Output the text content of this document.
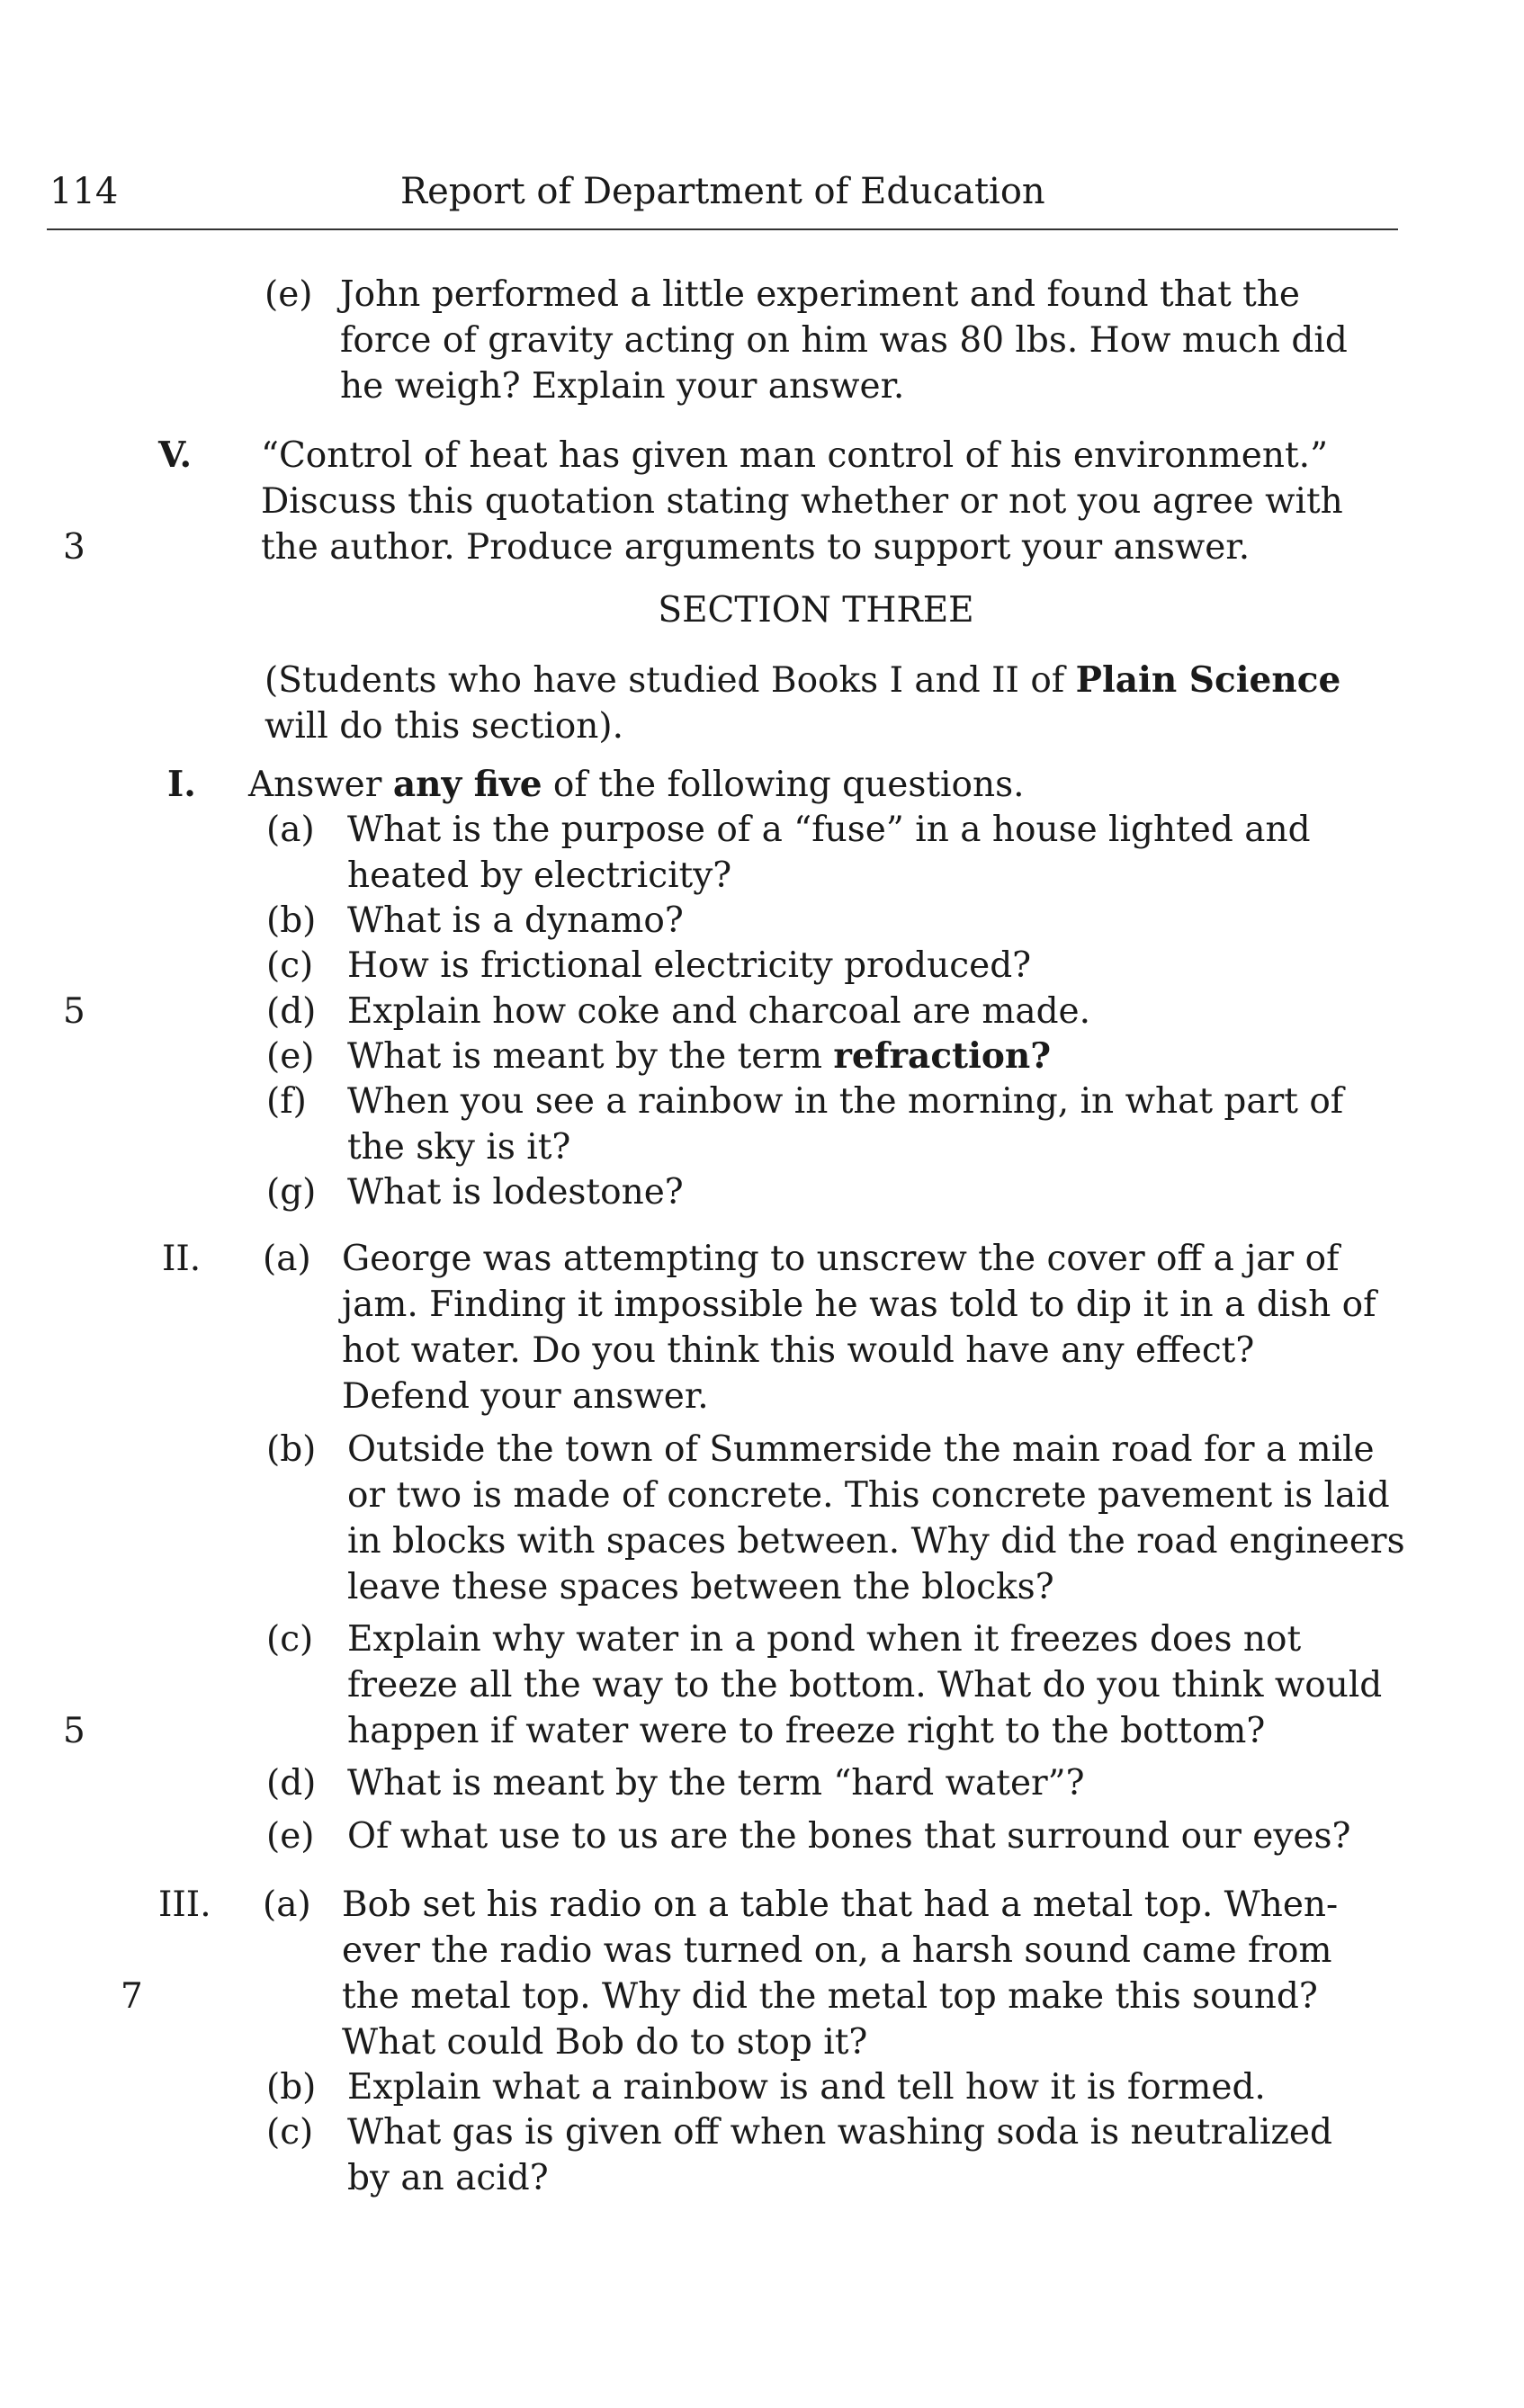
114	Report of Department of Education
(e) John performed a little experiment and found that the
force of gravity acting on him was 80 lbs. How much did
he weigh? Explain your answer.
V. “Control of heat has given man control of his environment.”
Discuss this quotation stating whether or not you agree with
3	the author. Produce arguments to support your answer.
SECTION THREE
(Students who have studied Books I and II of Plain Science
will do this section).
I. Answer any five of the following questions.
(a) What is the purpose of a “fuse” in a house lighted and
heated by electricity?
(b) What is a dynamo?
(c) How is frictional electricity produced?
5	(d) Explain how coke and charcoal are made.
(e) What is meant by the term refraction?
(f) When you see a rainbow in the morning, in what part of
the sky is it?
(g) What is lodestone?
II. (a) George was attempting to unscrew the cover off a jar of
jam. Finding it impossible he was told to dip it in a dish of
hot water. Do you think this would have any effect?
Defend your answer.
(b) Outside the town of Summerside the main road for a mile
or two is made of concrete. This concrete pavement is laid
in blocks with spaces between. Why did the road engineers
leave these spaces between the blocks?
(c) Explain why water in a pond when it freezes does not
freeze all the way to the bottom. What do you think would
5	happen if water were to freeze right to the bottom?
(d) What is meant by the term “hard water”?
(e) Of what use to us are the bones that surround our eyes?
III. (a) Bob set his radio on a table that had a metal top. When-
ever the radio was turned on, a harsh sound came from
7	the metal top. Why did the metal top make this sound?
What could Bob do to stop it?
(b) Explain what a rainbow is and tell how it is formed.
(c) What gas is given off when washing soda is neutralized
by an acid?
